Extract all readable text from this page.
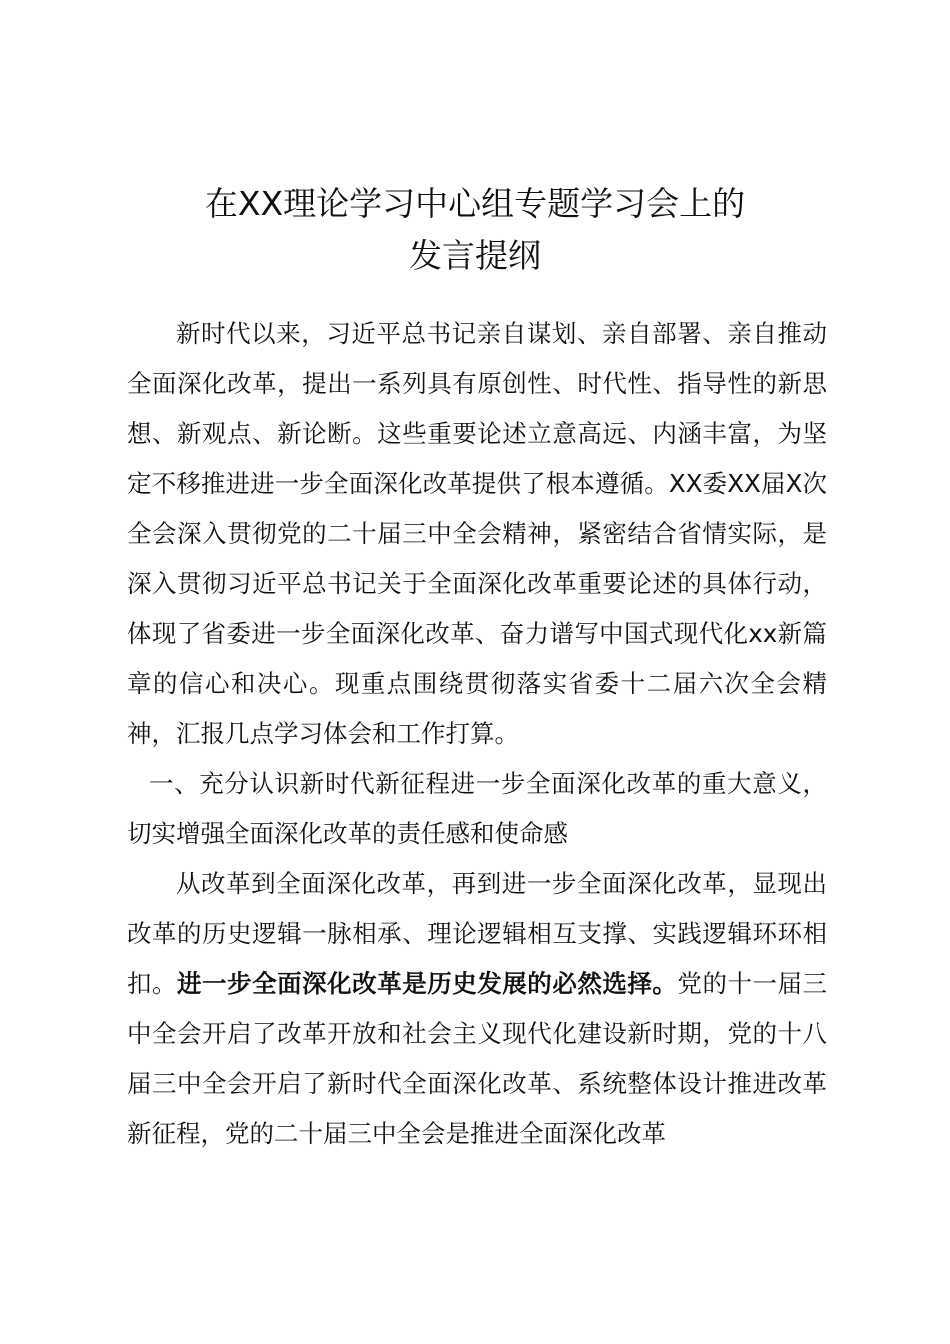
在XX理论学习中心组专题学习会上的
发言提纲

新时代以来，习近平总书记亲自谋划、亲自部署、亲自推动全面深化改革，提出一系列具有原创性、时代性、指导性的新思想、新观点、新论断。这些重要论述立意高远、内涵丰富，为坚定不移推进进一步全面深化改革提供了根本遵循。XX委XX届X次全会深入贯彻党的二十届三中全会精神，紧密结合省情实际，是深入贯彻习近平总书记关于全面深化改革重要论述的具体行动，体现了省委进一步全面深化改革、奋力谱写中国式现代化xx新篇章的信心和决心。现重点围绕贯彻落实省委十二届六次全会精神，汇报几点学习体会和工作打算。

一、充分认识新时代新征程进一步全面深化改革的重大意义，切实增强全面深化改革的责任感和使命感

从改革到全面深化改革，再到进一步全面深化改革，显现出改革的历史逻辑一脉相承、理论逻辑相互支撑、实践逻辑环环相扣。进一步全面深化改革是历史发展的必然选择。党的十一届三中全会开启了改革开放和社会主义现代化建设新时期，党的十八届三中全会开启了新时代全面深化改革、系统整体设计推进改革新征程，党的二十届三中全会是推进全面深化改革
